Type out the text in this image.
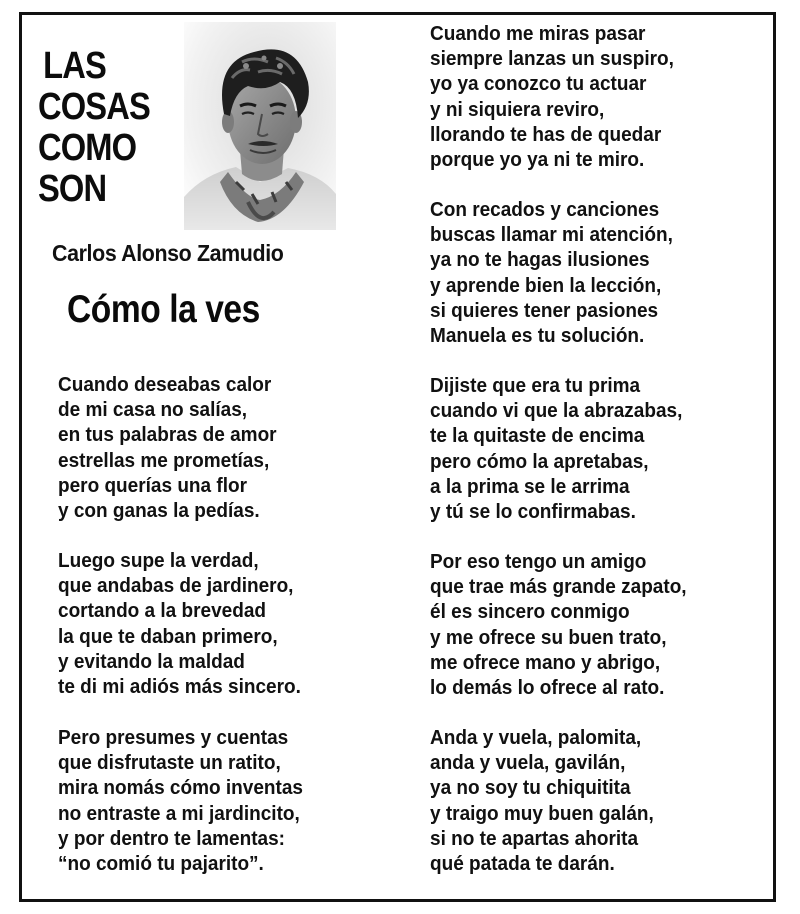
LAS
COSAS
COMO
SON
Carlos Alonso Zamudio
Cómo la ves
Cuando deseabas calor
de mi casa no salías,
en tus palabras de amor
estrellas me prometías,
pero querías una flor
y con ganas la pedías.
Luego supe la verdad,
que andabas de jardinero,
cortando a la brevedad
la que te daban primero,
y evitando la maldad
te di mi adiós más sincero.
Pero presumes y cuentas
que disfrutaste un ratito,
mira nomás cómo inventas
no entraste a mi jardincito,
y por dentro te lamentas:
“no comió tu pajarito”.
Cuando me miras pasar
siempre lanzas un suspiro,
yo ya conozco tu actuar
y ni siquiera reviro,
llorando te has de quedar
porque yo ya ni te miro.
Con recados y canciones
buscas llamar mi atención,
ya no te hagas ilusiones
y aprende bien la lección,
si quieres tener pasiones
Manuela es tu solución.
Dijiste que era tu prima
cuando vi que la abrazabas,
te la quitaste de encima
pero cómo la apretabas,
a la prima se le arrima
y tú se lo confirmabas.
Por eso tengo un amigo
que trae más grande zapato,
él es sincero conmigo
y me ofrece su buen trato,
me ofrece mano y abrigo,
lo demás lo ofrece al rato.
Anda y vuela, palomita,
anda y vuela, gavilán,
ya no soy tu chiquitita
y traigo muy buen galán,
si no te apartas ahorita
qué patada te darán.
